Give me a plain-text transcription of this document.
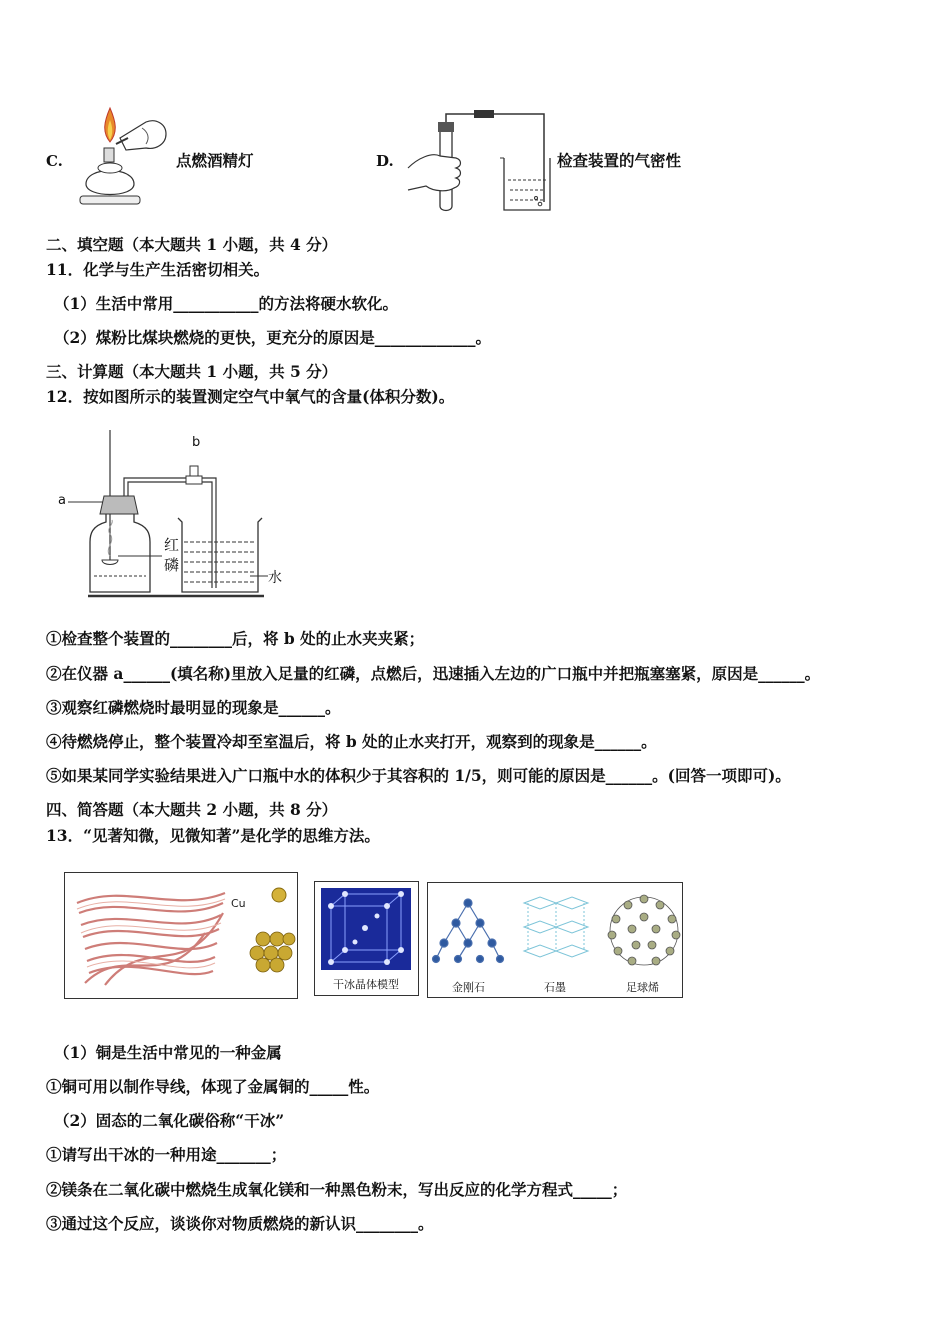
C.	点燃酒精灯	D.	检查装置的气密性
二、填空题（本大题共 1 小题，共 4 分）
11．化学与生产生活密切相关。
（1）生活中常用___________的方法将硬水软化。
（2）煤粉比煤块燃烧的更快，更充分的原因是_____________。
三、计算题（本大题共 1 小题，共 5 分）
12．按如图所示的装置测定空气中氧气的含量(体积分数)。
a
红
磷
b
水
①检查整个装置的________后，将 b 处的止水夹夹紧；
②在仪器 a______(填名称)里放入足量的红磷，点燃后，迅速插入左边的广口瓶中并把瓶塞塞紧，原因是______。
③观察红磷燃烧时最明显的现象是______。
④待燃烧停止，整个装置冷却至室温后，将 b 处的止水夹打开，观察到的现象是______。
⑤如果某同学实验结果进入广口瓶中水的体积少于其容积的 1/5，则可能的原因是______。(回答一项即可)。
四、简答题（本大题共 2 小题，共 8 分）
13．“见著知微，见微知著”是化学的思维方法。
Cu
干冰晶体模型	金刚石	石墨	足球烯
（1）铜是生活中常见的一种金属
①铜可用以制作导线，体现了金属铜的_____性。
（2）固态的二氧化碳俗称“干冰”
①请写出干冰的一种用途_______；
②镁条在二氧化碳中燃烧生成氧化镁和一种黑色粉末，写出反应的化学方程式_____；
③通过这个反应，谈谈你对物质燃烧的新认识________。
